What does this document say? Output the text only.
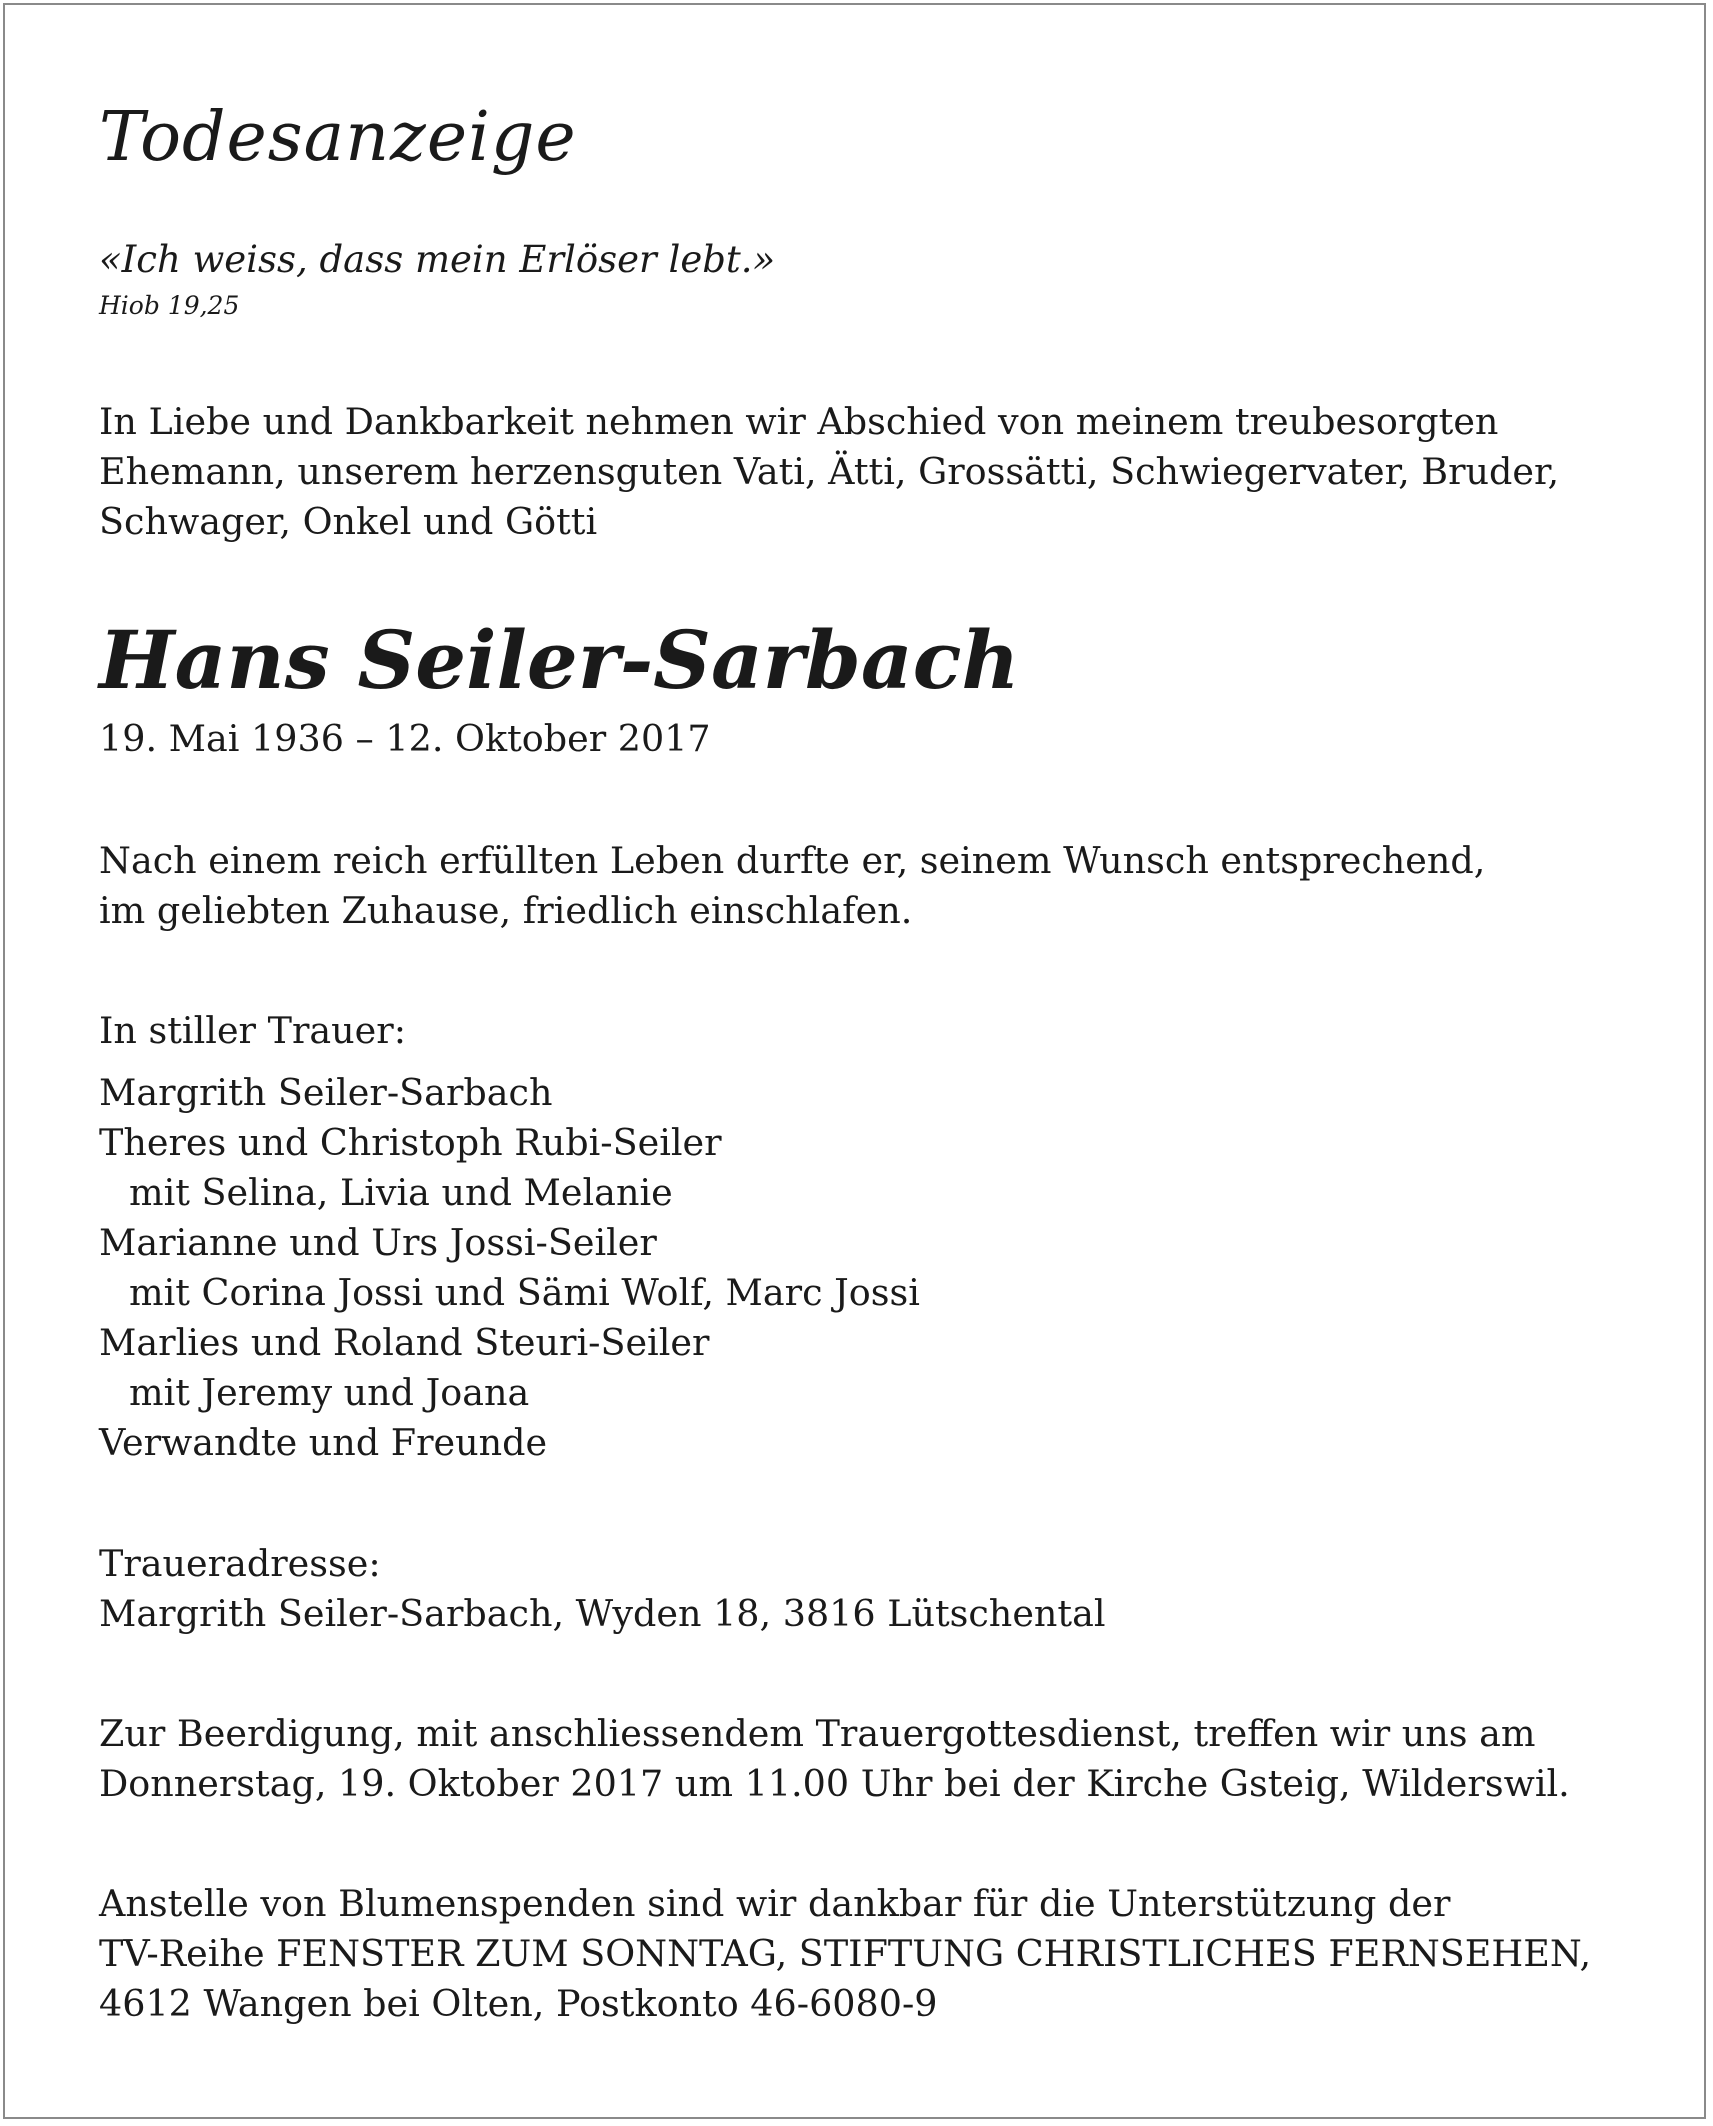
Todesanzeige
«Ich weiss, dass mein Erlöser lebt.»
Hiob 19,25
In Liebe und Dankbarkeit nehmen wir Abschied von meinem treubesorgten
Ehemann, unserem herzensguten Vati, Ätti, Grossätti, Schwiegervater, Bruder,
Schwager, Onkel und Götti
Hans Seiler-Sarbach
19. Mai 1936 – 12. Oktober 2017
Nach einem reich erfüllten Leben durfte er, seinem Wunsch entsprechend,
im geliebten Zuhause, friedlich einschlafen.
In stiller Trauer:
Margrith Seiler-Sarbach
Theres und Christoph Rubi-Seiler
mit Selina, Livia und Melanie
Marianne und Urs Jossi-Seiler
mit Corina Jossi und Sämi Wolf, Marc Jossi
Marlies und Roland Steuri-Seiler
mit Jeremy und Joana
Verwandte und Freunde
Traueradresse:
Margrith Seiler-Sarbach, Wyden 18, 3816 Lütschental
Zur Beerdigung, mit anschliessendem Trauergottesdienst, treffen wir uns am
Donnerstag, 19. Oktober 2017 um 11.00 Uhr bei der Kirche Gsteig, Wilderswil.
Anstelle von Blumenspenden sind wir dankbar für die Unterstützung der
TV-Reihe FENSTER ZUM SONNTAG, STIFTUNG CHRISTLICHES FERNSEHEN,
4612 Wangen bei Olten, Postkonto 46-6080-9
